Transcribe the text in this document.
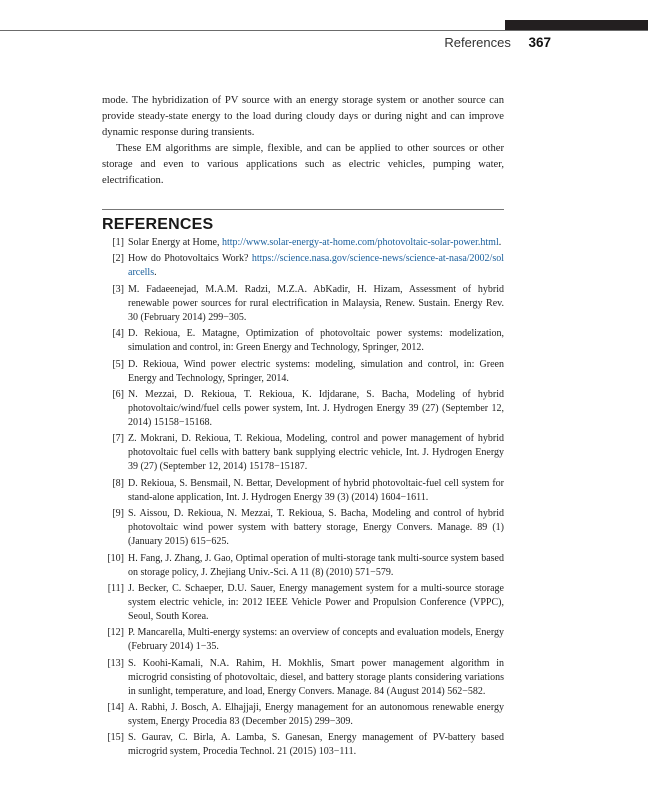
References 367

mode. The hybridization of PV source with an energy storage system or another source can provide steady-state energy to the load during cloudy days or during night and can improve dynamic response during transients.

These EM algorithms are simple, flexible, and can be applied to other sources or other storage and even to various applications such as electric vehicles, pumping water, electrification.

REFERENCES
[1] Solar Energy at Home, http://www.solar-energy-at-home.com/photovoltaic-solar-power.html.
[2] How do Photovoltaics Work? https://science.nasa.gov/science-news/science-at-nasa/2002/solarcells.
[3] M. Fadaeenejad, M.A.M. Radzi, M.Z.A. AbKadir, H. Hizam, Assessment of hybrid renewable power sources for rural electrification in Malaysia, Renew. Sustain. Energy Rev. 30 (February 2014) 299−305.
[4] D. Rekioua, E. Matagne, Optimization of photovoltaic power systems: modelization, simulation and control, in: Green Energy and Technology, Springer, 2012.
[5] D. Rekioua, Wind power electric systems: modeling, simulation and control, in: Green Energy and Technology, Springer, 2014.
[6] N. Mezzai, D. Rekioua, T. Rekioua, K. Idjdarane, S. Bacha, Modeling of hybrid photovoltaic/wind/fuel cells power system, Int. J. Hydrogen Energy 39 (27) (September 12, 2014) 15158−15168.
[7] Z. Mokrani, D. Rekioua, T. Rekioua, Modeling, control and power management of hybrid photovoltaic fuel cells with battery bank supplying electric vehicle, Int. J. Hydrogen Energy 39 (27) (September 12, 2014) 15178−15187.
[8] D. Rekioua, S. Bensmail, N. Bettar, Development of hybrid photovoltaic-fuel cell system for stand-alone application, Int. J. Hydrogen Energy 39 (3) (2014) 1604−1611.
[9] S. Aissou, D. Rekioua, N. Mezzai, T. Rekioua, S. Bacha, Modeling and control of hybrid photovoltaic wind power system with battery storage, Energy Convers. Manage. 89 (1) (January 2015) 615−625.
[10] H. Fang, J. Zhang, J. Gao, Optimal operation of multi-storage tank multi-source system based on storage policy, J. Zhejiang Univ.-Sci. A 11 (8) (2010) 571−579.
[11] J. Becker, C. Schaeper, D.U. Sauer, Energy management system for a multi-source storage system electric vehicle, in: 2012 IEEE Vehicle Power and Propulsion Conference (VPPC), Seoul, South Korea.
[12] P. Mancarella, Multi-energy systems: an overview of concepts and evaluation models, Energy (February 2014) 1−35.
[13] S. Koohi-Kamali, N.A. Rahim, H. Mokhlis, Smart power management algorithm in microgrid consisting of photovoltaic, diesel, and battery storage plants considering variations in sunlight, temperature, and load, Energy Convers. Manage. 84 (August 2014) 562−582.
[14] A. Rabhi, J. Bosch, A. Elhajjaji, Energy management for an autonomous renewable energy system, Energy Procedia 83 (December 2015) 299−309.
[15] S. Gaurav, C. Birla, A. Lamba, S. Ganesan, Energy management of PV-battery based microgrid system, Procedia Technol. 21 (2015) 103−111.
